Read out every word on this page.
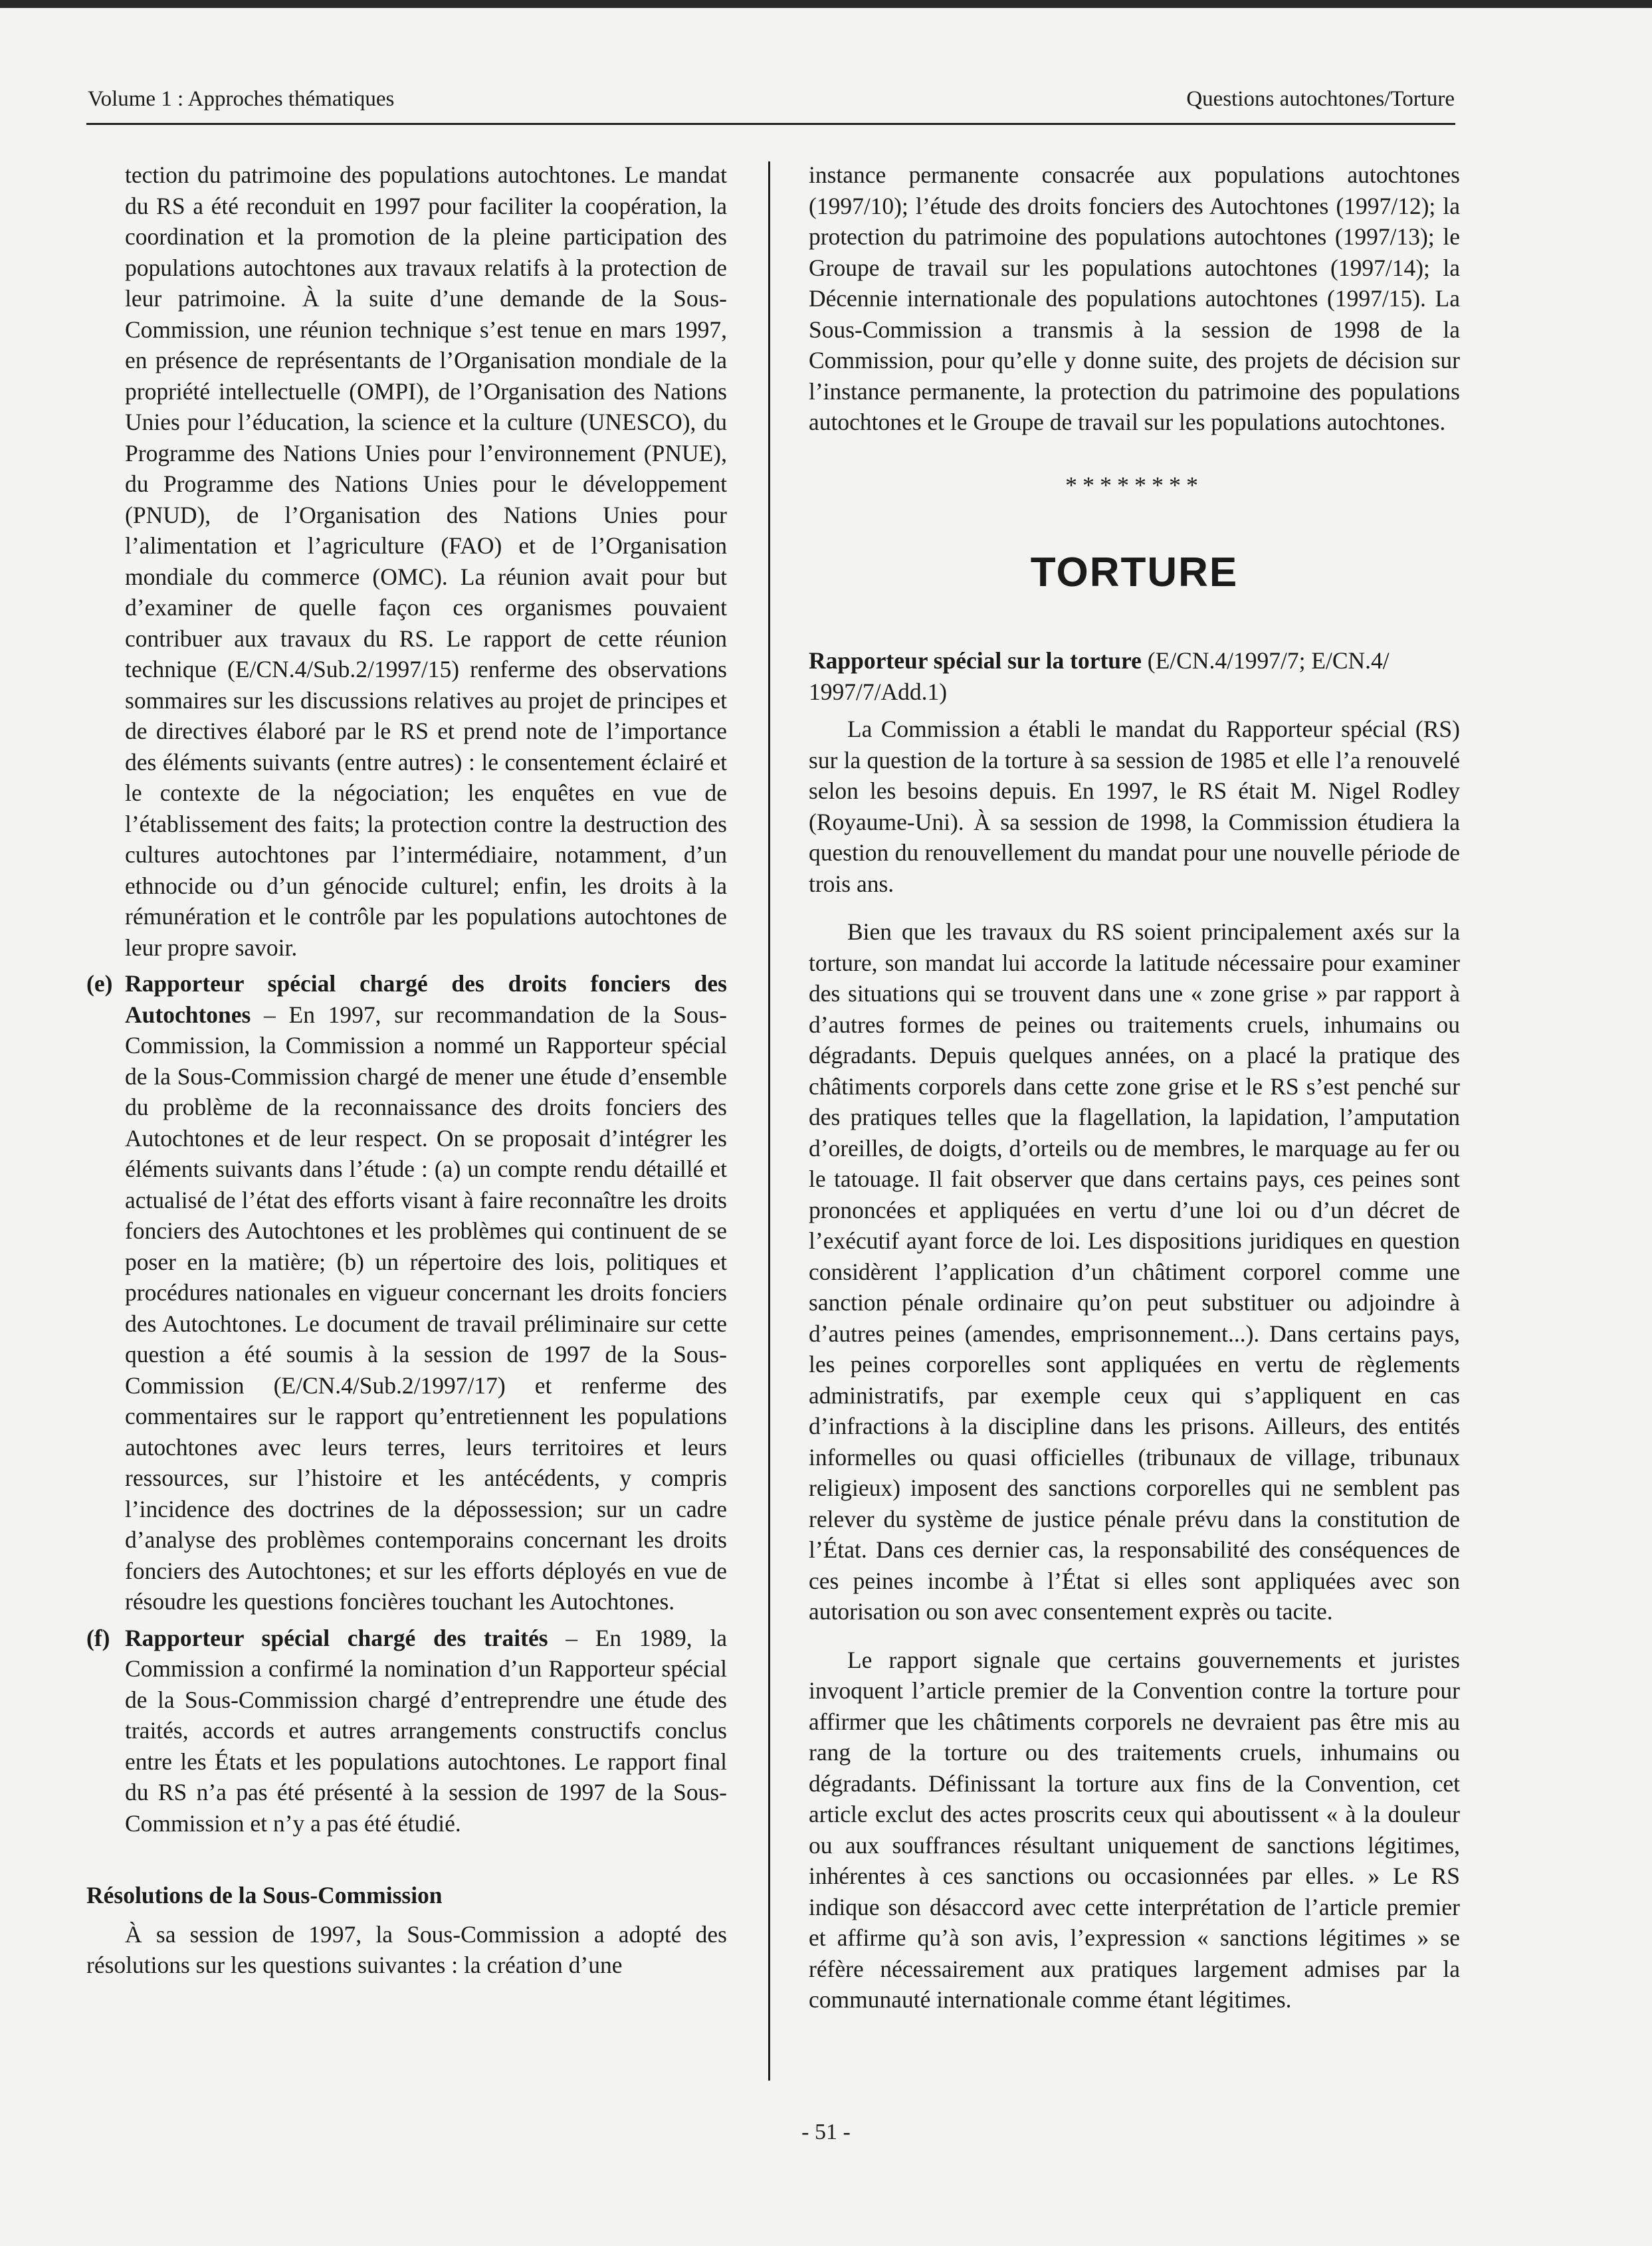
Volume 1 : Approches thématiques	Questions autochtones/Torture

tection du patrimoine des populations autochtones. Le mandat du RS a été reconduit en 1997 pour faciliter la coopération, la coordination et la promotion de la pleine participation des populations autochtones aux travaux relatifs à la protection de leur patrimoine. À la suite d’une demande de la Sous-Commission, une réunion technique s’est tenue en mars 1997, en présence de représentants de l’Organisation mondiale de la propriété intellectuelle (OMPI), de l’Organisation des Nations Unies pour l’éducation, la science et la culture (UNESCO), du Programme des Nations Unies pour l’environnement (PNUE), du Programme des Nations Unies pour le développement (PNUD), de l’Organisation des Nations Unies pour l’alimentation et l’agriculture (FAO) et de l’Organisation mondiale du commerce (OMC). La réunion avait pour but d’examiner de quelle façon ces organismes pouvaient contribuer aux travaux du RS. Le rapport de cette réunion technique (E/CN.4/Sub.2/1997/15) renferme des observations sommaires sur les discussions relatives au projet de principes et de directives élaboré par le RS et prend note de l’importance des éléments suivants (entre autres) : le consentement éclairé et le contexte de la négociation; les enquêtes en vue de l’établissement des faits; la protection contre la destruction des cultures autochtones par l’intermédiaire, notamment, d’un ethnocide ou d’un génocide culturel; enfin, les droits à la rémunération et le contrôle par les populations autochtones de leur propre savoir.

(e) Rapporteur spécial chargé des droits fonciers des Autochtones – En 1997, sur recommandation de la Sous-Commission, la Commission a nommé un Rapporteur spécial de la Sous-Commission chargé de mener une étude d’ensemble du problème de la reconnaissance des droits fonciers des Autochtones et de leur respect. On se proposait d’intégrer les éléments suivants dans l’étude : (a) un compte rendu détaillé et actualisé de l’état des efforts visant à faire reconnaître les droits fonciers des Autochtones et les problèmes qui continuent de se poser en la matière; (b) un répertoire des lois, politiques et procédures nationales en vigueur concernant les droits fonciers des Autochtones. Le document de travail préliminaire sur cette question a été soumis à la session de 1997 de la Sous-Commission (E/CN.4/Sub.2/1997/17) et renferme des commentaires sur le rapport qu’entretiennent les populations autochtones avec leurs terres, leurs territoires et leurs ressources, sur l’histoire et les antécédents, y compris l’incidence des doctrines de la dépossession; sur un cadre d’analyse des problèmes contemporains concernant les droits fonciers des Autochtones; et sur les efforts déployés en vue de résoudre les questions foncières touchant les Autochtones.

(f) Rapporteur spécial chargé des traités – En 1989, la Commission a confirmé la nomination d’un Rapporteur spécial de la Sous-Commission chargé d’entreprendre une étude des traités, accords et autres arrangements constructifs conclus entre les États et les populations autochtones. Le rapport final du RS n’a pas été présenté à la session de 1997 de la Sous-Commission et n’y a pas été étudié.

Résolutions de la Sous-Commission

À sa session de 1997, la Sous-Commission a adopté des résolutions sur les questions suivantes : la création d’une

instance permanente consacrée aux populations autochtones (1997/10); l’étude des droits fonciers des Autochtones (1997/12); la protection du patrimoine des populations autochtones (1997/13); le Groupe de travail sur les populations autochtones (1997/14); la Décennie internationale des populations autochtones (1997/15). La Sous-Commission a transmis à la session de 1998 de la Commission, pour qu’elle y donne suite, des projets de décision sur l’instance permanente, la protection du patrimoine des populations autochtones et le Groupe de travail sur les populations autochtones.

********

TORTURE

Rapporteur spécial sur la torture (E/CN.4/1997/7; E/CN.4/ 1997/7/Add.1)

La Commission a établi le mandat du Rapporteur spécial (RS) sur la question de la torture à sa session de 1985 et elle l’a renouvelé selon les besoins depuis. En 1997, le RS était M. Nigel Rodley (Royaume-Uni). À sa session de 1998, la Commission étudiera la question du renouvellement du mandat pour une nouvelle période de trois ans.

Bien que les travaux du RS soient principalement axés sur la torture, son mandat lui accorde la latitude nécessaire pour examiner des situations qui se trouvent dans une « zone grise » par rapport à d’autres formes de peines ou traitements cruels, inhumains ou dégradants. Depuis quelques années, on a placé la pratique des châtiments corporels dans cette zone grise et le RS s’est penché sur des pratiques telles que la flagellation, la lapidation, l’amputation d’oreilles, de doigts, d’orteils ou de membres, le marquage au fer ou le tatouage. Il fait observer que dans certains pays, ces peines sont prononcées et appliquées en vertu d’une loi ou d’un décret de l’exécutif ayant force de loi. Les dispositions juridiques en question considèrent l’application d’un châtiment corporel comme une sanction pénale ordinaire qu’on peut substituer ou adjoindre à d’autres peines (amendes, emprisonnement...). Dans certains pays, les peines corporelles sont appliquées en vertu de règlements administratifs, par exemple ceux qui s’appliquent en cas d’infractions à la discipline dans les prisons. Ailleurs, des entités informelles ou quasi officielles (tribunaux de village, tribunaux religieux) imposent des sanctions corporelles qui ne semblent pas relever du système de justice pénale prévu dans la constitution de l’État. Dans ces dernier cas, la responsabilité des conséquences de ces peines incombe à l’État si elles sont appliquées avec son autorisation ou son avec consentement exprès ou tacite.

Le rapport signale que certains gouvernements et juristes invoquent l’article premier de la Convention contre la torture pour affirmer que les châtiments corporels ne devraient pas être mis au rang de la torture ou des traitements cruels, inhumains ou dégradants. Définissant la torture aux fins de la Convention, cet article exclut des actes proscrits ceux qui aboutissent « à la douleur ou aux souffrances résultant uniquement de sanctions légitimes, inhérentes à ces sanctions ou occasionnées par elles. » Le RS indique son désaccord avec cette interprétation de l’article premier et affirme qu’à son avis, l’expression « sanctions légitimes » se réfère nécessairement aux pratiques largement admises par la communauté internationale comme étant légitimes.

- 51 -
